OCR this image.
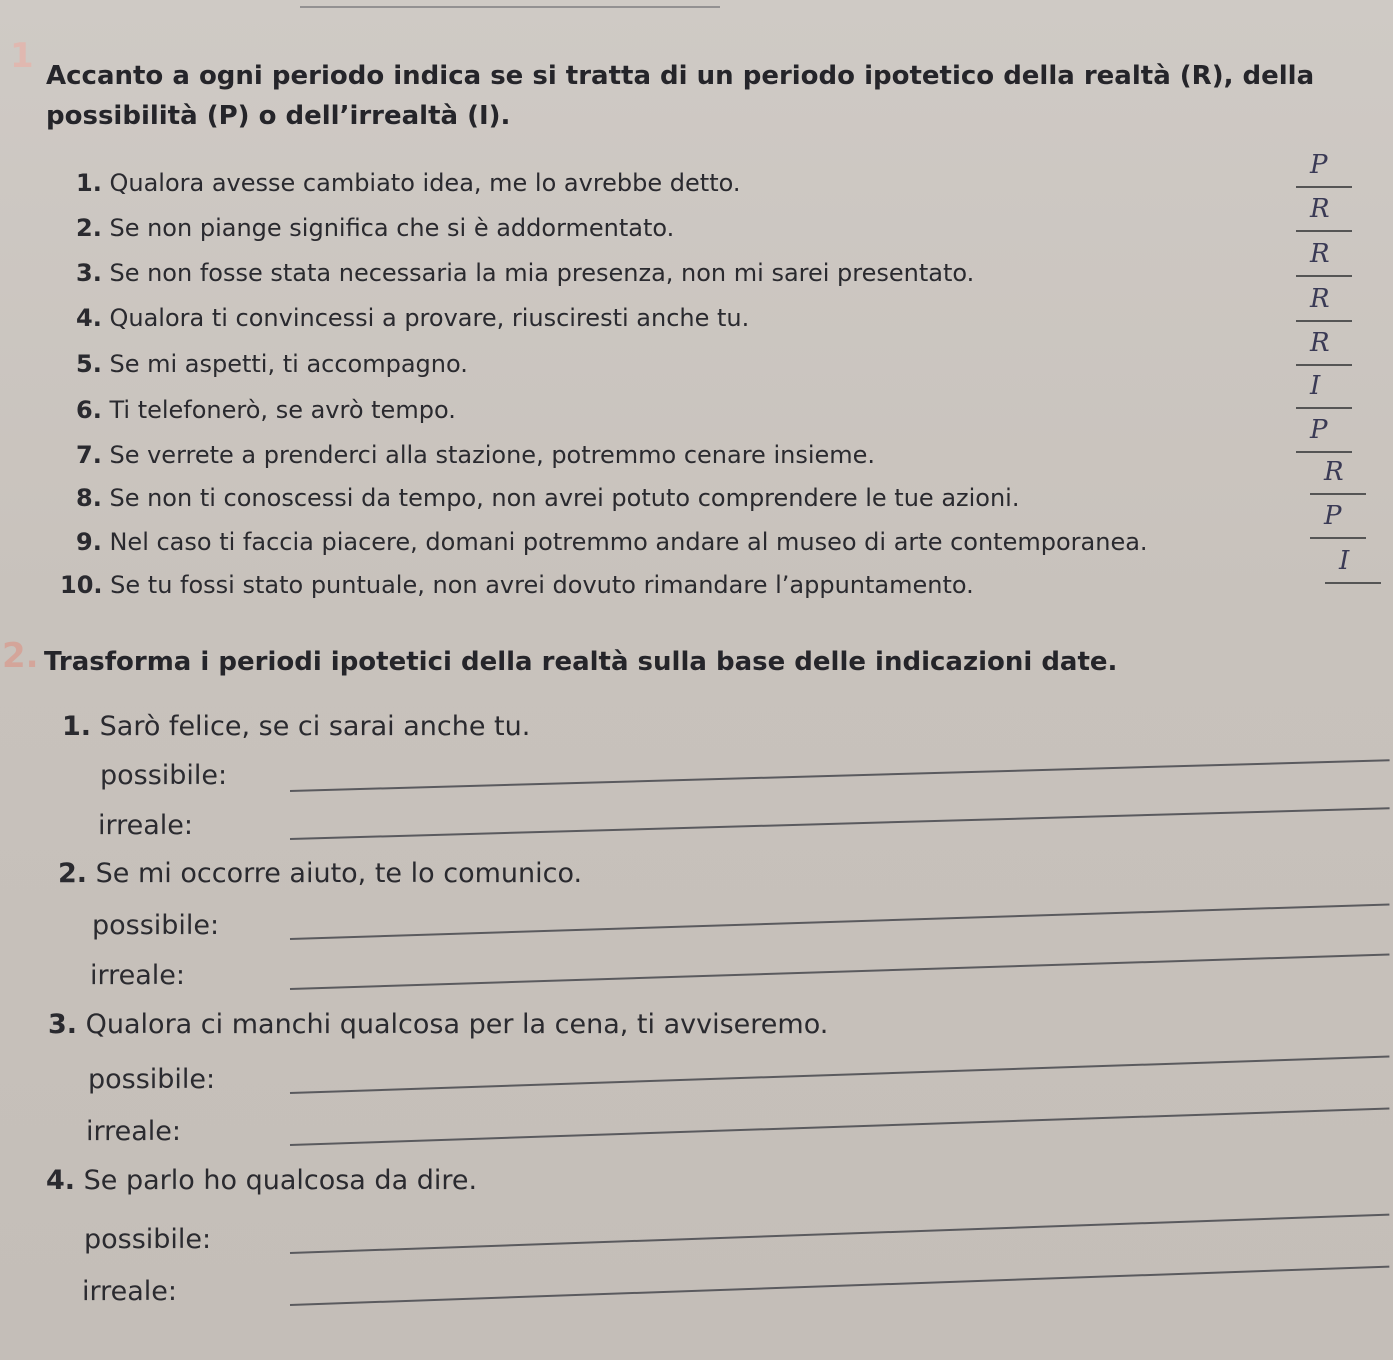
1 Accanto a ogni periodo indica se si tratta di un periodo ipotetico della realtà (R), della possibilità (P) o dell’irrealtà (I).

1. Qualora avesse cambiato idea, me lo avrebbe detto.
2. Se non piange significa che si è addormentato.
3. Se non fosse stata necessaria la mia presenza, non mi sarei presentato.
4. Qualora ti convincessi a provare, riusciresti anche tu.
5. Se mi aspetti, ti accompagno.
6. Ti telefonerò, se avrò tempo.
7. Se verrete a prenderci alla stazione, potremmo cenare insieme.
8. Se non ti conoscessi da tempo, non avrei potuto comprendere le tue azioni.
9. Nel caso ti faccia piacere, domani potremmo andare al museo di arte contemporanea.
10. Se tu fossi stato puntuale, non avrei dovuto rimandare l’appuntamento.
P
R
R
R
R
I
P
R
P
I
2. Trasforma i periodi ipotetici della realtà sulla base delle indicazioni date.

1. Sarò felice, se ci sarai anche tu.
possibile:
irreale:
2. Se mi occorre aiuto, te lo comunico.
possibile:
irreale:
3. Qualora ci manchi qualcosa per la cena, ti avviseremo.
possibile:
irreale:
4. Se parlo ho qualcosa da dire.
possibile:
irreale:
